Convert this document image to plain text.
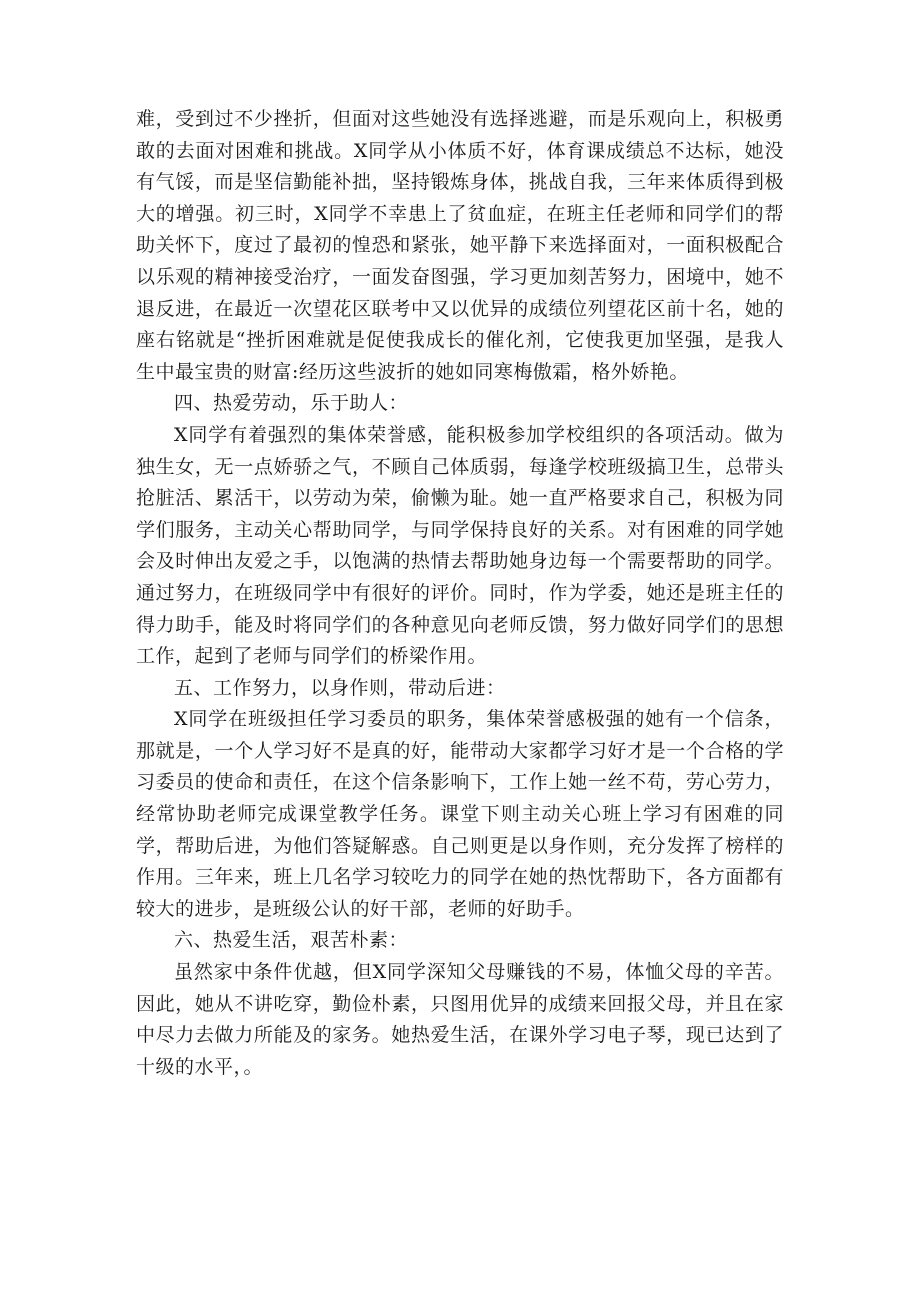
难，受到过不少挫折，但面对这些她没有选择逃避，而是乐观向上，积极勇敢的去面对困难和挑战。X同学从小体质不好，体育课成绩总不达标，她没有气馁，而是坚信勤能补拙，坚持锻炼身体，挑战自我，三年来体质得到极大的增强。初三时，X同学不幸患上了贫血症，在班主任老师和同学们的帮助关怀下，度过了最初的惶恐和紧张，她平静下来选择面对，一面积极配合以乐观的精神接受治疗，一面发奋图强，学习更加刻苦努力，困境中，她不退反进，在最近一次望花区联考中又以优异的成绩位列望花区前十名，她的座右铭就是“挫折困难就是促使我成长的催化剂，它使我更加坚强，是我人生中最宝贵的财富:经历这些波折的她如同寒梅傲霜，格外娇艳。

四、热爱劳动，乐于助人：

X同学有着强烈的集体荣誉感，能积极参加学校组织的各项活动。做为独生女，无一点娇骄之气，不顾自己体质弱，每逢学校班级搞卫生，总带头抢脏活、累活干，以劳动为荣，偷懒为耻。她一直严格要求自己，积极为同学们服务，主动关心帮助同学，与同学保持良好的关系。对有困难的同学她会及时伸出友爱之手，以饱满的热情去帮助她身边每一个需要帮助的同学。通过努力，在班级同学中有很好的评价。同时，作为学委，她还是班主任的得力助手，能及时将同学们的各种意见向老师反馈，努力做好同学们的思想工作，起到了老师与同学们的桥梁作用。

五、工作努力，以身作则，带动后进：

X同学在班级担任学习委员的职务，集体荣誉感极强的她有一个信条，那就是，一个人学习好不是真的好，能带动大家都学习好才是一个合格的学习委员的使命和责任，在这个信条影响下，工作上她一丝不苟，劳心劳力，经常协助老师完成课堂教学任务。课堂下则主动关心班上学习有困难的同学，帮助后进，为他们答疑解惑。自己则更是以身作则，充分发挥了榜样的作用。三年来，班上几名学习较吃力的同学在她的热忱帮助下，各方面都有较大的进步，是班级公认的好干部，老师的好助手。

六、热爱生活，艰苦朴素：

虽然家中条件优越，但X同学深知父母赚钱的不易，体恤父母的辛苦。因此，她从不讲吃穿，勤俭朴素，只图用优异的成绩来回报父母，并且在家中尽力去做力所能及的家务。她热爱生活，在课外学习电子琴，现已达到了十级的水平，。
